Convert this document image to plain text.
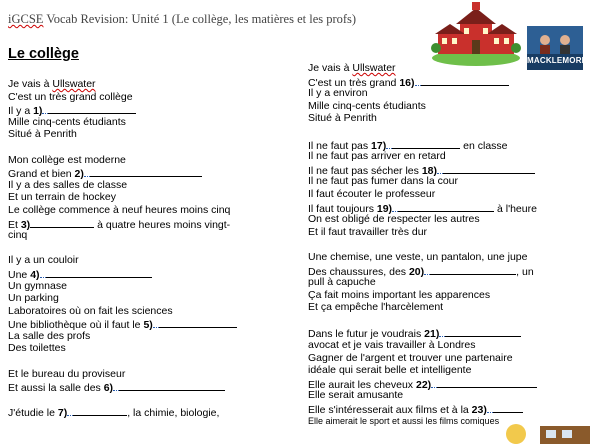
iGCSE Vocab Revision: Unité 1 (Le collège, les matières et les profs)
Le collège	MACKLEMORE
Je vais à Ullswater
C'est un très grand collège
Il y a 1)
Mille cinq-cents étudiants
Situé à Penrith
Mon collège est moderne
Grand et bien 2)
Il y a des salles de classe
Et un terrain de hockey
Le collège commence à neuf heures moins cinq
Et 3)	à quatre heures moins vingt-
cinq
Il y a un couloir
Une 4)
Un gymnase
Un parking
Laboratoires où on fait les sciences
Une bibliothèque où il faut le 5)
La salle des profs
Des toilettes
Et le bureau du proviseur
Et aussi la salle des 6)
J'étudie le 7)	, la chimie, biologie,
Je vais à Ullswater
C'est un très grand 16)
Il y a environ
Mille cinq-cents étudiants
Situé à Penrith
Il ne faut pas 17)	en classe
Il ne faut pas arriver en retard
Il ne faut pas sécher les 18)
Il ne faut pas fumer dans la cour
Il faut écouter le professeur
Il faut toujours 19)	à l'heure
On est obligé de respecter les autres
Et il faut travailler très dur
Une chemise, une veste, un pantalon, une jupe
Des chaussures, des 20)	, un
pull à capuche
Ça fait moins important les apparences
Et ça empêche l'harcèlement
Dans le futur je voudrais 21)
avocat et je vais travailler à Londres
Gagner de l'argent et trouver une partenaire
idéale qui serait belle et intelligente
Elle aurait les cheveux 22)
Elle serait amusante
Elle s'intéresserait aux films et à la 23)
Elle aimerait le sport et aussi les films comiques
